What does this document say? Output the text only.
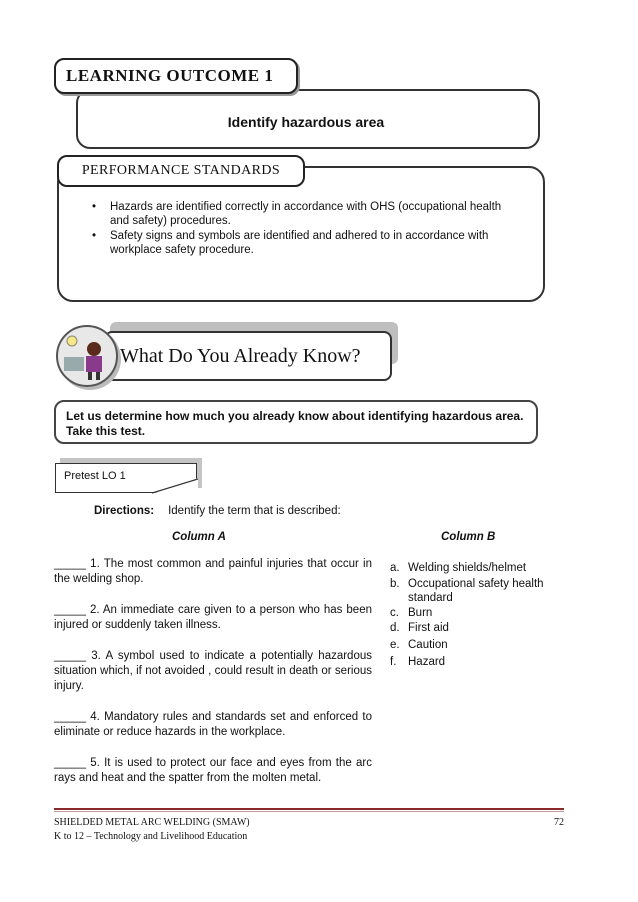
Identify hazardous area
LEARNING OUTCOME 1
PERFORMANCE STANDARDS
•	Hazards are identified correctly in accordance with OHS (occupational health and safety) procedures.
•	Safety signs and symbols are identified and adhered to in accordance with workplace safety procedure.
What Do You Already Know?
Let us determine how much you already know about identifying hazardous area. Take this test.
Pretest LO 1
Directions: Identify the term that is described:
Column A	Column B
_____ 1. The most common and painful injuries that occur in the welding shop.
_____ 2. An immediate care given to a person who has been injured or suddenly taken illness.
_____ 3. A symbol used to indicate a potentially hazardous situation which, if not avoided , could result in death or serious injury.
_____ 4. Mandatory rules and standards set and enforced to eliminate or reduce hazards in the workplace.
_____ 5. It is used to protect our face and eyes from the arc rays and heat and the spatter from the molten metal.
a. Welding shields/helmet
b. Occupational safety health standard
c. Burn
d. First aid
e. Caution
f.	Hazard
SHIELDED METAL ARC WELDING (SMAW)
K to 12 – Technology and Livelihood Education
72
